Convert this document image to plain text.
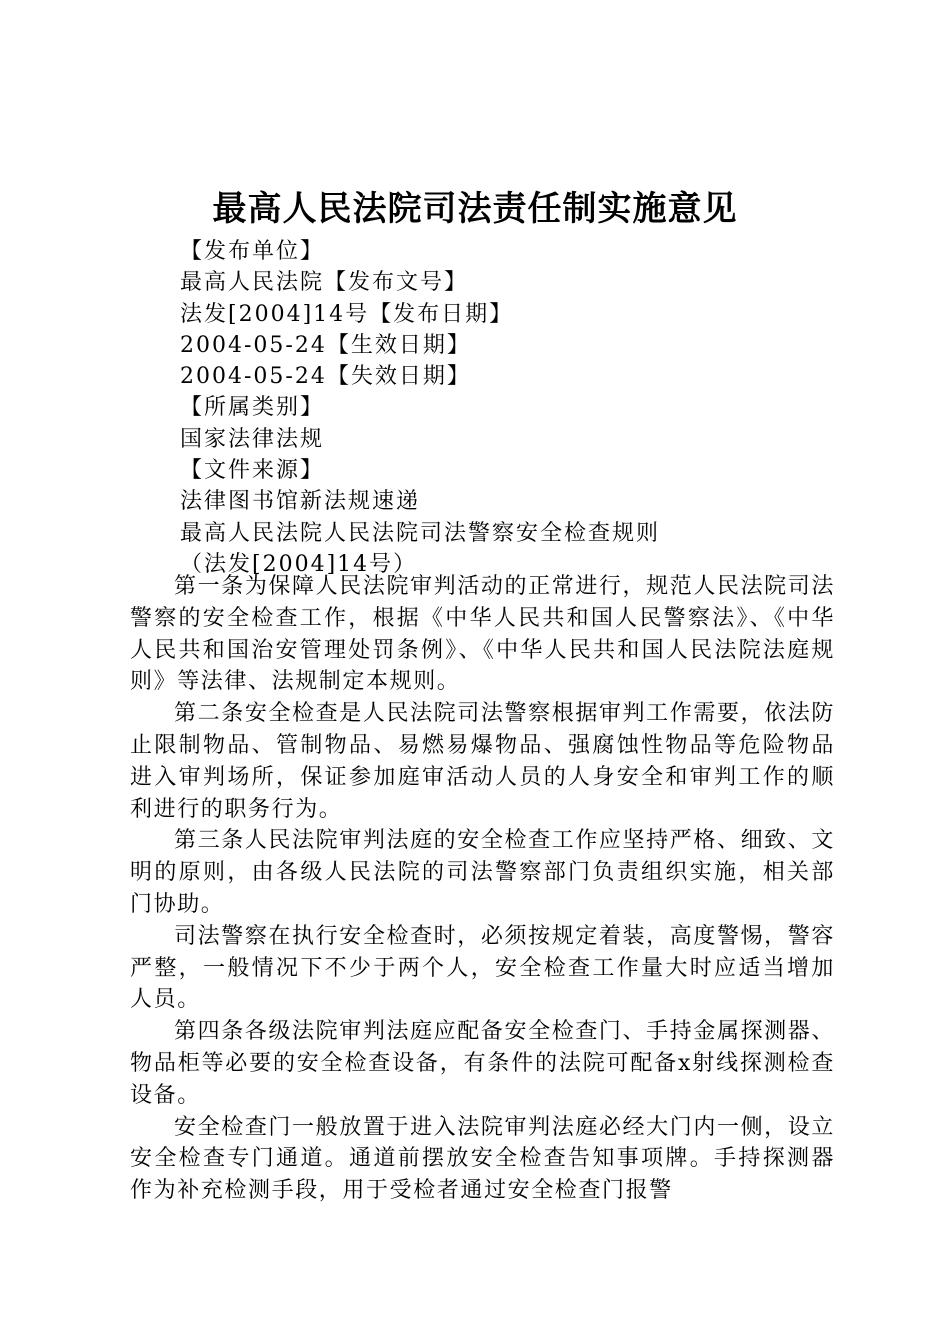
最高人民法院司法责任制实施意见
【发布单位】
最高人民法院【发布文号】
法发[2004]14号【发布日期】
2004-05-24【生效日期】
2004-05-24【失效日期】
【所属类别】
国家法律法规
【文件来源】
法律图书馆新法规速递
最高人民法院人民法院司法警察安全检查规则
（法发[2004]14号）

第一条为保障人民法院审判活动的正常进行，规范人民法院司法警察的安全检查工作，根据《中华人民共和国人民警察法》、《中华人民共和国治安管理处罚条例》、《中华人民共和国人民法院法庭规则》等法律、法规制定本规则。

第二条安全检查是人民法院司法警察根据审判工作需要，依法防止限制物品、管制物品、易燃易爆物品、强腐蚀性物品等危险物品进入审判场所，保证参加庭审活动人员的人身安全和审判工作的顺利进行的职务行为。

第三条人民法院审判法庭的安全检查工作应坚持严格、细致、文明的原则，由各级人民法院的司法警察部门负责组织实施，相关部门协助。

司法警察在执行安全检查时，必须按规定着装，高度警惕，警容严整，一般情况下不少于两个人，安全检查工作量大时应适当增加人员。

第四条各级法院审判法庭应配备安全检查门、手持金属探测器、物品柜等必要的安全检查设备，有条件的法院可配备x射线探测检查设备。

安全检查门一般放置于进入法院审判法庭必经大门内一侧，设立安全检查专门通道。通道前摆放安全检查告知事项牌。手持探测器作为补充检测手段，用于受检者通过安全检查门报警
